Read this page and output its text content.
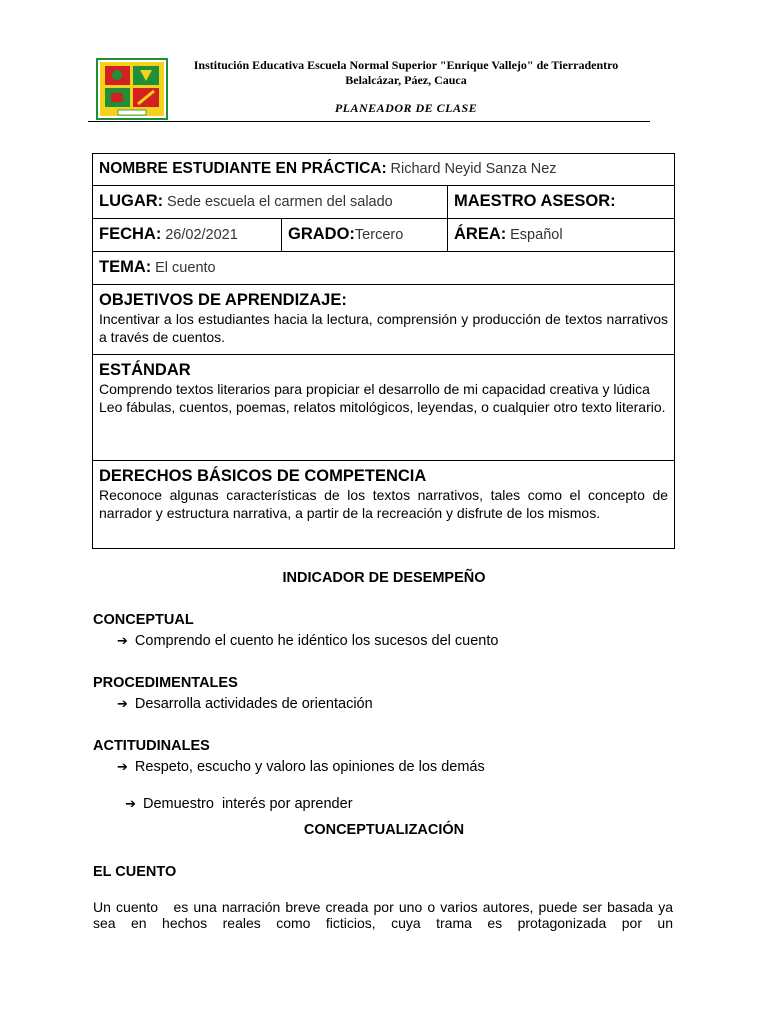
Institución Educativa Escuela Normal Superior "Enrique Vallejo" de Tierradentro
Belalcázar, Páez, Cauca
PLANEADOR DE CLASE
NOMBRE ESTUDIANTE EN PRÁCTICA: Richard Neyid Sanza Nez		
LUGAR: Sede escuela el carmen del salado		MAESTRO ASESOR:
FECHA: 26/02/2021	GRADO:Tercero	ÁREA: Español
TEMA: El cuento		

OBJETIVOS DE APRENDIZAJE:
Incentivar a los estudiantes hacia la lectura, comprensión y producción de textos narrativos a través de cuentos.		

ESTÁNDAR
Comprendo textos literarios para propiciar el desarrollo de mi capacidad creativa y lúdica
Leo fábulas, cuentos, poemas, relatos mitológicos, leyendas, o cualquier otro texto literario.		

DERECHOS BÁSICOS DE COMPETENCIA
Reconoce algunas características de los textos narrativos, tales como el concepto de narrador y estructura narrativa, a partir de la recreación y disfrute de los mismos.		
INDICADOR DE DESEMPEÑO
CONCEPTUAL
➔ Comprendo el cuento he idéntico los sucesos del cuento
PROCEDIMENTALES
➔ Desarrolla actividades de orientación
ACTITUDINALES
➔ Respeto, escucho y valoro las opiniones de los demás

➔ Demuestro  interés por aprender

CONCEPTUALIZACIÓN
EL CUENTO
Un cuento   es una narración breve creada por uno o varios autores, puede ser basada ya sea en hechos reales como ficticios, cuya trama es protagonizada por un
